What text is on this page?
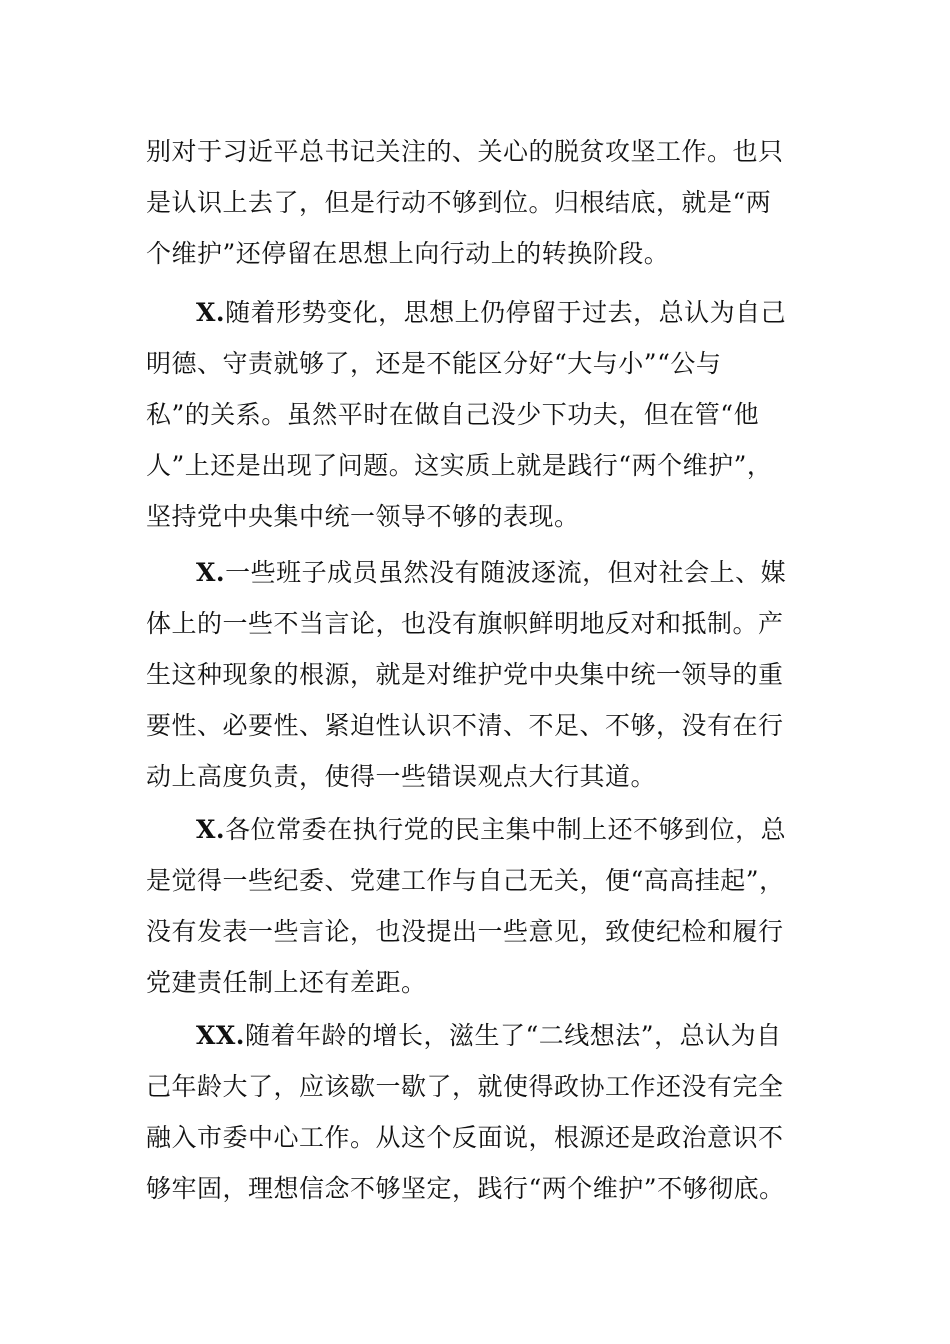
别对于习近平总书记关注的、关心的脱贫攻坚工作。也只
是认识上去了，但是行动不够到位。归根结底，就是“两
个维护”还停留在思想上向行动上的转换阶段。

X.随着形势变化，思想上仍停留于过去，总认为自己
明德、守责就够了，还是不能区分好“大与小”“公与
私”的关系。虽然平时在做自己没少下功夫，但在管“他
人”上还是出现了问题。这实质上就是践行“两个维护”，
坚持党中央集中统一领导不够的表现。

X.一些班子成员虽然没有随波逐流，但对社会上、媒
体上的一些不当言论，也没有旗帜鲜明地反对和抵制。产
生这种现象的根源，就是对维护党中央集中统一领导的重
要性、必要性、紧迫性认识不清、不足、不够，没有在行
动上高度负责，使得一些错误观点大行其道。

X.各位常委在执行党的民主集中制上还不够到位，总
是觉得一些纪委、党建工作与自己无关，便“高高挂起”，
没有发表一些言论，也没提出一些意见，致使纪检和履行
党建责任制上还有差距。

XX.随着年龄的增长，滋生了“二线想法”，总认为自
己年龄大了，应该歇一歇了，就使得政协工作还没有完全
融入市委中心工作。从这个反面说，根源还是政治意识不
够牢固，理想信念不够坚定，践行“两个维护”不够彻底。
